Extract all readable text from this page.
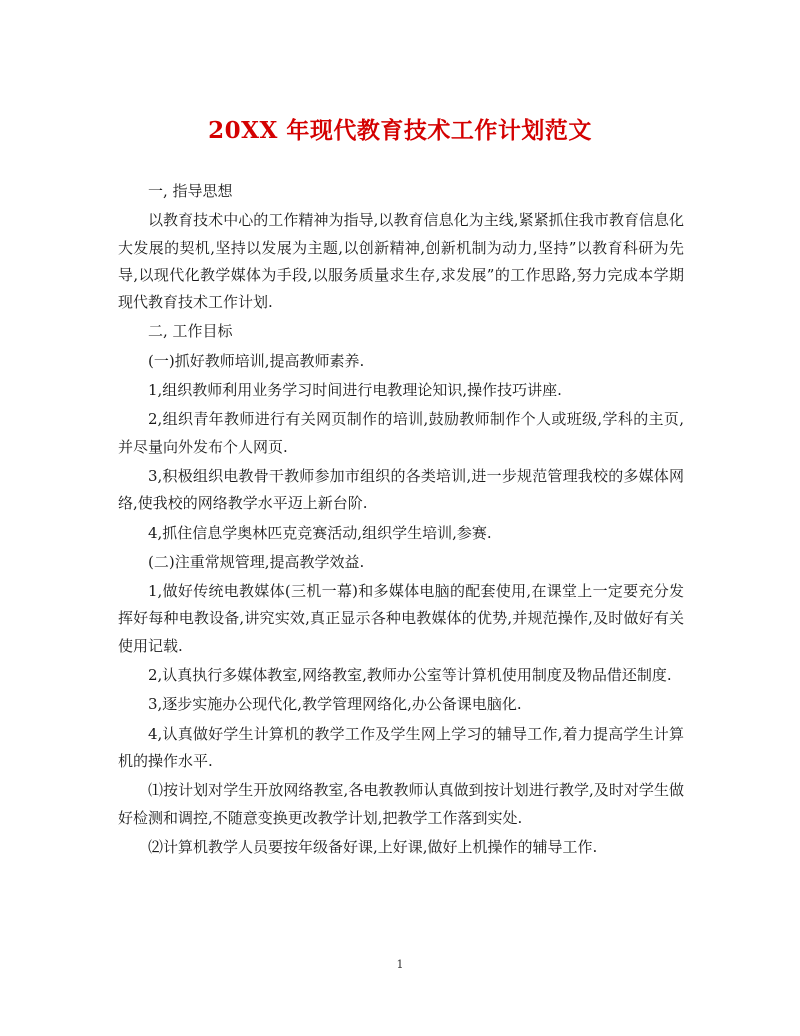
20XX 年现代教育技术工作计划范文

一, 指导思想

以教育技术中心的工作精神为指导,以教育信息化为主线,紧紧抓住我市教育信息化大发展的契机,坚持以发展为主题,以创新精神,创新机制为动力,坚持”以教育科研为先导,以现代化教学媒体为手段,以服务质量求生存,求发展”的工作思路,努力完成本学期现代教育技术工作计划.

二, 工作目标

(一)抓好教师培训,提高教师素养.

1,组织教师利用业务学习时间进行电教理论知识,操作技巧讲座.

2,组织青年教师进行有关网页制作的培训,鼓励教师制作个人或班级,学科的主页,并尽量向外发布个人网页.

3,积极组织电教骨干教师参加市组织的各类培训,进一步规范管理我校的多媒体网络,使我校的网络教学水平迈上新台阶.

4,抓住信息学奥林匹克竞赛活动,组织学生培训,参赛.

(二)注重常规管理,提高教学效益.

1,做好传统电教媒体(三机一幕)和多媒体电脑的配套使用,在课堂上一定要充分发挥好每种电教设备,讲究实效,真正显示各种电教媒体的优势,并规范操作,及时做好有关使用记载.

2,认真执行多媒体教室,网络教室,教师办公室等计算机使用制度及物品借还制度.

3,逐步实施办公现代化,教学管理网络化,办公备课电脑化.

4,认真做好学生计算机的教学工作及学生网上学习的辅导工作,着力提高学生计算机的操作水平.

⑴按计划对学生开放网络教室,各电教教师认真做到按计划进行教学,及时对学生做好检测和调控,不随意变换更改教学计划,把教学工作落到实处.

⑵计算机教学人员要按年级备好课,上好课,做好上机操作的辅导工作.

1
